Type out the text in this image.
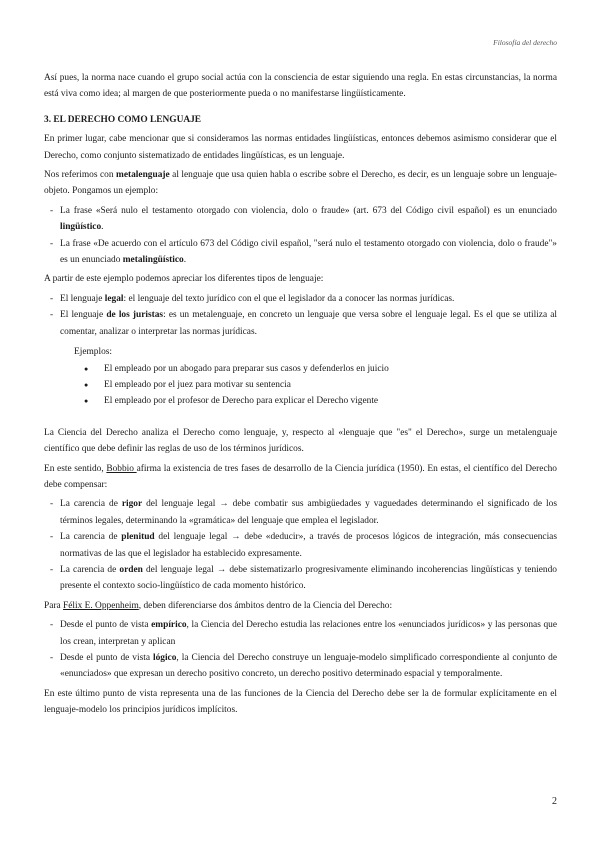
Filosofía del derecho

Así pues, la norma nace cuando el grupo social actúa con la consciencia de estar siguiendo una regla. En estas circunstancias, la norma está viva como idea; al margen de que posteriormente pueda o no manifestarse lingüísticamente.

3. EL DERECHO COMO LENGUAJE

En primer lugar, cabe mencionar que si consideramos las normas entidades lingüísticas, entonces debemos asimismo considerar que el Derecho, como conjunto sistematizado de entidades lingüísticas, es un lenguaje.

Nos referimos con metalenguaje al lenguaje que usa quien habla o escribe sobre el Derecho, es decir, es un lenguaje sobre un lenguaje-objeto. Pongamos un ejemplo:

- La frase «Será nulo el testamento otorgado con violencia, dolo o fraude» (art. 673 del Código civil español) es un enunciado lingüístico.
- La frase «De acuerdo con el artículo 673 del Código civil español, "será nulo el testamento otorgado con violencia, dolo o fraude"» es un enunciado metalingüístico.

A partir de este ejemplo podemos apreciar los diferentes tipos de lenguaje:

- El lenguaje legal: el lenguaje del texto jurídico con el que el legislador da a conocer las normas jurídicas.
- El lenguaje de los juristas: es un metalenguaje, en concreto un lenguaje que versa sobre el lenguaje legal. Es el que se utiliza al comentar, analizar o interpretar las normas jurídicas.
Ejemplos:
● El empleado por un abogado para preparar sus casos y defenderlos en juicio
● El empleado por el juez para motivar su sentencia
● El empleado por el profesor de Derecho para explicar el Derecho vigente

La Ciencia del Derecho analiza el Derecho como lenguaje, y, respecto al «lenguaje que "es" el Derecho», surge un metalenguaje científico que debe definir las reglas de uso de los términos jurídicos.

En este sentido, Bobbio afirma la existencia de tres fases de desarrollo de la Ciencia jurídica (1950). En estas, el científico del Derecho debe compensar:

- La carencia de rigor del lenguaje legal → debe combatir sus ambigüedades y vaguedades determinando el significado de los términos legales, determinando la «gramática» del lenguaje que emplea el legislador.
- La carencia de plenitud del lenguaje legal → debe «deducir», a través de procesos lógicos de integración, más consecuencias normativas de las que el legislador ha establecido expresamente.
- La carencia de orden del lenguaje legal → debe sistematizarlo progresivamente eliminando incoherencias lingüísticas y teniendo presente el contexto socio-lingüístico de cada momento histórico.

Para Félix E. Oppenheim, deben diferenciarse dos ámbitos dentro de la Ciencia del Derecho:

- Desde el punto de vista empírico, la Ciencia del Derecho estudia las relaciones entre los «enunciados jurídicos» y las personas que los crean, interpretan y aplican
- Desde el punto de vista lógico, la Ciencia del Derecho construye un lenguaje-modelo simplificado correspondiente al conjunto de «enunciados» que expresan un derecho positivo concreto, un derecho positivo determinado espacial y temporalmente.

En este último punto de vista representa una de las funciones de la Ciencia del Derecho debe ser la de formular explícitamente en el lenguaje-modelo los principios jurídicos implícitos.

2
